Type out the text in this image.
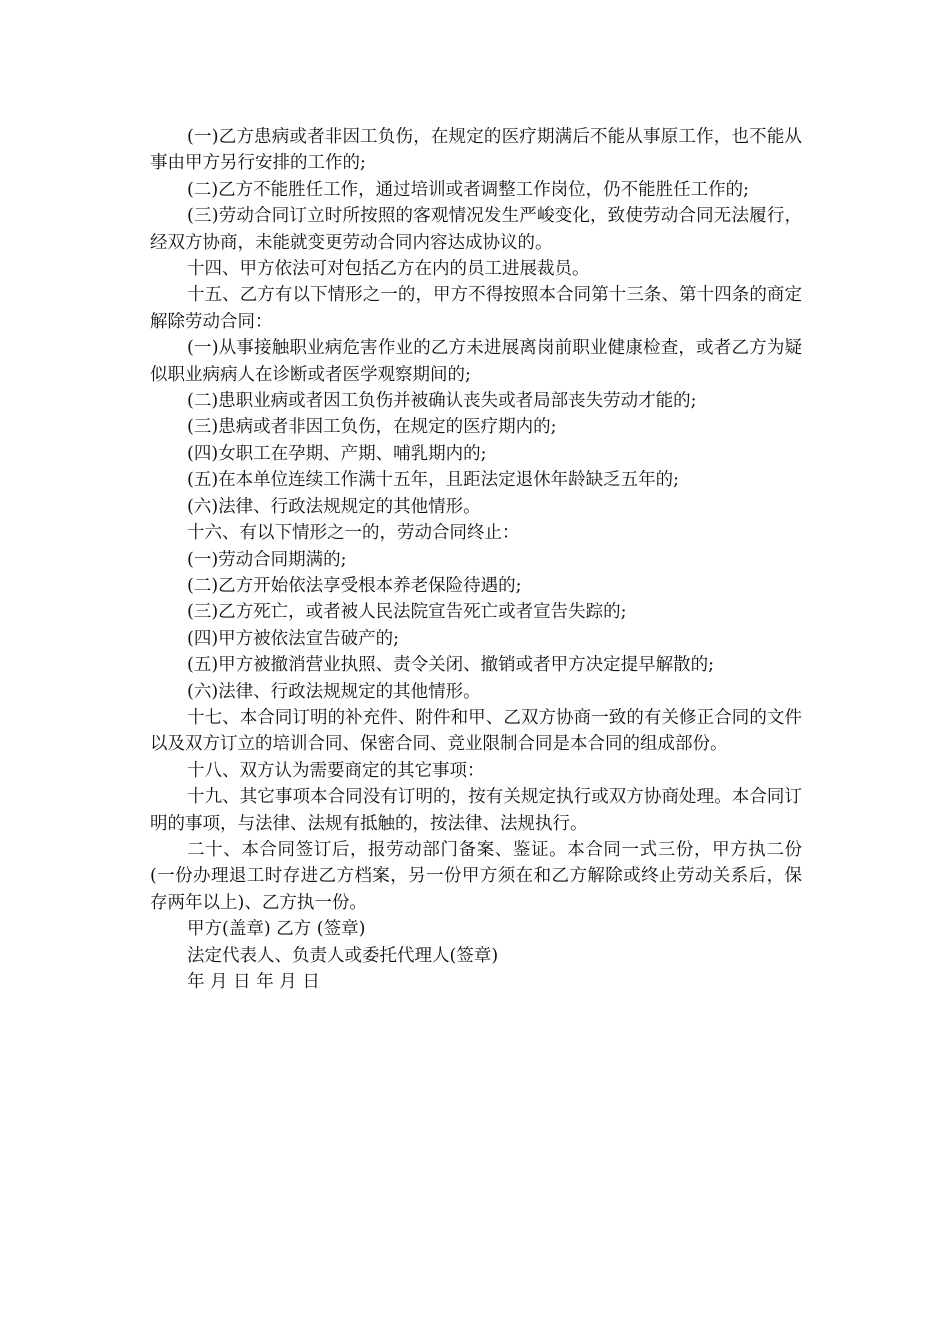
(一)乙方患病或者非因工负伤，在规定的医疗期满后不能从事原工作，也不能从事由甲方另行安排的工作的;

(二)乙方不能胜任工作，通过培训或者调整工作岗位，仍不能胜任工作的;

(三)劳动合同订立时所按照的客观情况发生严峻变化，致使劳动合同无法履行，经双方协商，未能就变更劳动合同内容达成协议的。

十四、甲方依法可对包括乙方在内的员工进展裁员。

十五、乙方有以下情形之一的，甲方不得按照本合同第十三条、第十四条的商定解除劳动合同：

(一)从事接触职业病危害作业的乙方未进展离岗前职业健康检查，或者乙方为疑似职业病病人在诊断或者医学观察期间的;

(二)患职业病或者因工负伤并被确认丧失或者局部丧失劳动才能的;

(三)患病或者非因工负伤，在规定的医疗期内的;

(四)女职工在孕期、产期、哺乳期内的;

(五)在本单位连续工作满十五年，且距法定退休年龄缺乏五年的;

(六)法律、行政法规规定的其他情形。

十六、有以下情形之一的，劳动合同终止：

(一)劳动合同期满的;

(二)乙方开始依法享受根本养老保险待遇的;

(三)乙方死亡，或者被人民法院宣告死亡或者宣告失踪的;

(四)甲方被依法宣告破产的;

(五)甲方被撤消营业执照、责令关闭、撤销或者甲方决定提早解散的;

(六)法律、行政法规规定的其他情形。

十七、本合同订明的补充件、附件和甲、乙双方协商一致的有关修正合同的文件以及双方订立的培训合同、保密合同、竞业限制合同是本合同的组成部份。

十八、双方认为需要商定的其它事项：

十九、其它事项本合同没有订明的，按有关规定执行或双方协商处理。本合同订明的事项，与法律、法规有抵触的，按法律、法规执行。

二十、本合同签订后，报劳动部门备案、鉴证。本合同一式三份，甲方执二份(一份办理退工时存进乙方档案，另一份甲方须在和乙方解除或终止劳动关系后，保存两年以上)、乙方执一份。

甲方(盖章) 乙方 (签章)

法定代表人、负责人或委托代理人(签章)

年 月 日 年 月 日
